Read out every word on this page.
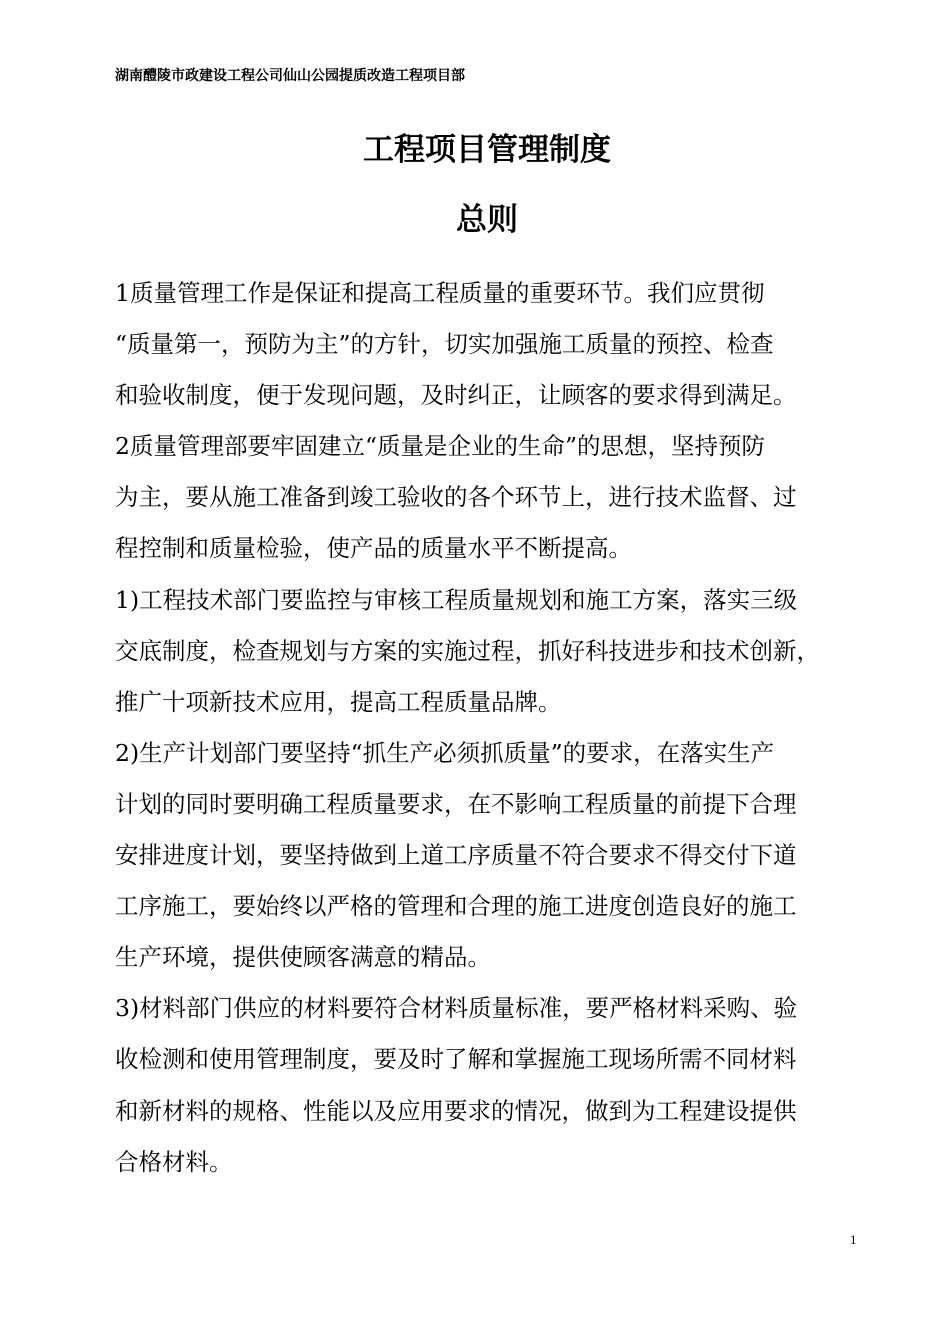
湖南醴陵市政建设工程公司仙山公园提质改造工程项目部
工程项目管理制度
总则
1质量管理工作是保证和提高工程质量的重要环节。我们应贯彻
“质量第一，预防为主”的方针，切实加强施工质量的预控、检查
和验收制度，便于发现问题，及时纠正，让顾客的要求得到满足。
2质量管理部要牢固建立“质量是企业的生命”的思想，坚持预防
为主，要从施工准备到竣工验收的各个环节上，进行技术监督、过
程控制和质量检验，使产品的质量水平不断提高。
1)工程技术部门要监控与审核工程质量规划和施工方案，落实三级
交底制度，检查规划与方案的实施过程，抓好科技进步和技术创新，
推广十项新技术应用，提高工程质量品牌。
2)生产计划部门要坚持“抓生产必须抓质量”的要求，在落实生产
计划的同时要明确工程质量要求，在不影响工程质量的前提下合理
安排进度计划，要坚持做到上道工序质量不符合要求不得交付下道
工序施工，要始终以严格的管理和合理的施工进度创造良好的施工
生产环境，提供使顾客满意的精品。
3)材料部门供应的材料要符合材料质量标准，要严格材料采购、验
收检测和使用管理制度，要及时了解和掌握施工现场所需不同材料
和新材料的规格、性能以及应用要求的情况，做到为工程建设提供
合格材料。
1
